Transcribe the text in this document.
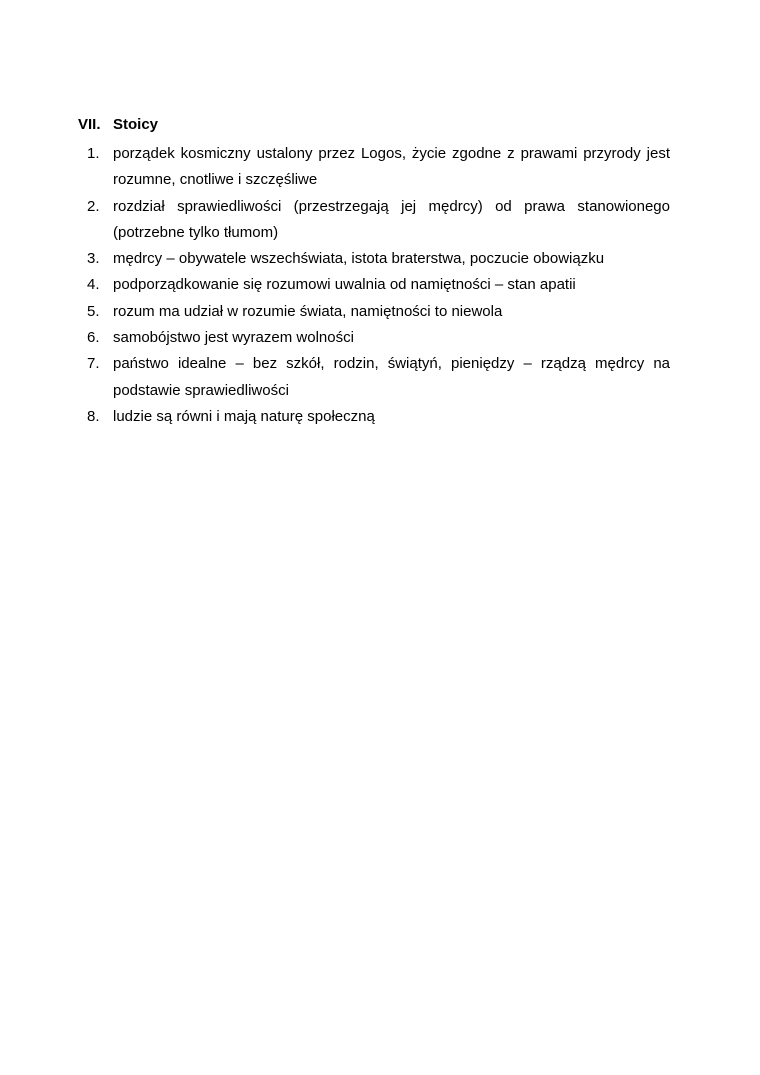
VII. Stoicy
1. porządek kosmiczny ustalony przez Logos, życie zgodne z prawami przyrody jest rozumne, cnotliwe i szczęśliwe
2. rozdział sprawiedliwości (przestrzegają jej mędrcy) od prawa stanowionego (potrzebne tylko tłumom)
3. mędrcy – obywatele wszechświata, istota braterstwa, poczucie obowiązku
4. podporządkowanie się rozumowi uwalnia od namiętności – stan apatii
5. rozum ma udział w rozumie świata, namiętności to niewola
6. samobójstwo jest wyrazem wolności
7. państwo idealne – bez szkół, rodzin, świątyń, pieniędzy – rządzą mędrcy na podstawie sprawiedliwości
8. ludzie są równi i mają naturę społeczną
